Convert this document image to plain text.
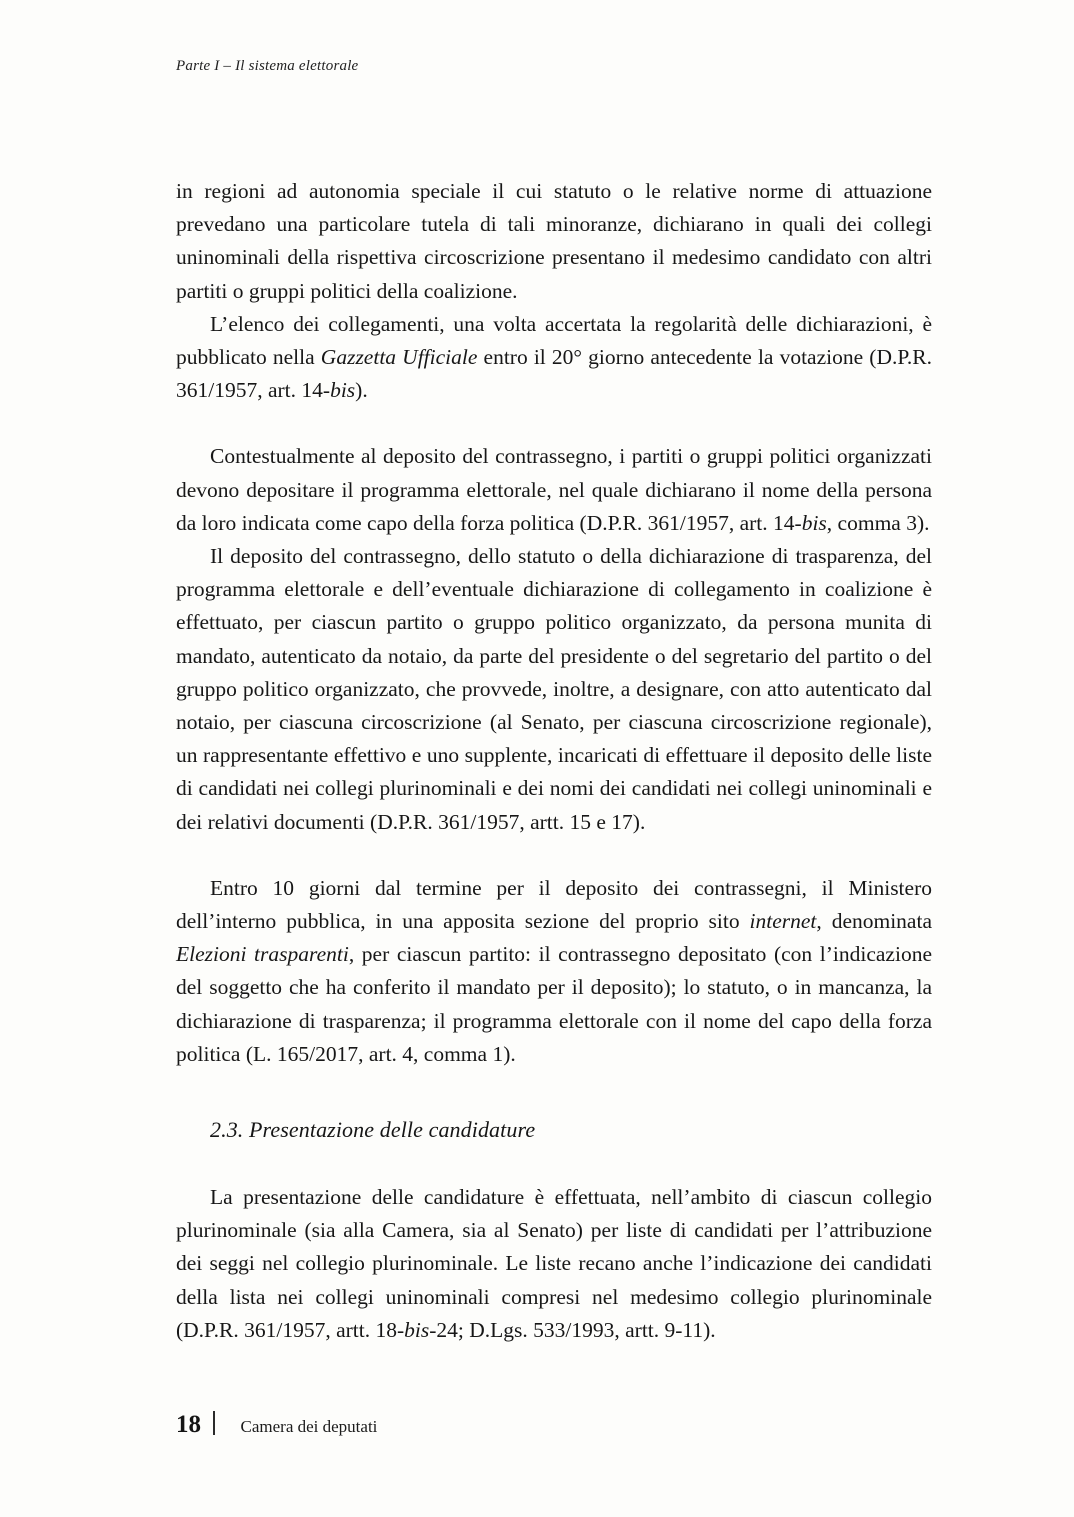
Parte I – Il sistema elettorale

in regioni ad autonomia speciale il cui statuto o le relative norme di attuazione prevedano una particolare tutela di tali minoranze, dichiarano in quali dei collegi uninominali della rispettiva circoscrizione presentano il medesimo candidato con altri partiti o gruppi politici della coalizione.

L’elenco dei collegamenti, una volta accertata la regolarità delle dichiarazioni, è pubblicato nella Gazzetta Ufficiale entro il 20° giorno antecedente la votazione (D.P.R. 361/1957, art. 14-bis).

Contestualmente al deposito del contrassegno, i partiti o gruppi politici organizzati devono depositare il programma elettorale, nel quale dichiarano il nome della persona da loro indicata come capo della forza politica (D.P.R. 361/1957, art. 14-bis, comma 3).

Il deposito del contrassegno, dello statuto o della dichiarazione di trasparenza, del programma elettorale e dell’eventuale dichiarazione di collegamento in coalizione è effettuato, per ciascun partito o gruppo politico organizzato, da persona munita di mandato, autenticato da notaio, da parte del presidente o del segretario del partito o del gruppo politico organizzato, che provvede, inoltre, a designare, con atto autenticato dal notaio, per ciascuna circoscrizione (al Senato, per ciascuna circoscrizione regionale), un rappresentante effettivo e uno supplente, incaricati di effettuare il deposito delle liste di candidati nei collegi plurinominali e dei nomi dei candidati nei collegi uninominali e dei relativi documenti (D.P.R. 361/1957, artt. 15 e 17).

Entro 10 giorni dal termine per il deposito dei contrassegni, il Ministero dell’interno pubblica, in una apposita sezione del proprio sito internet, denominata Elezioni trasparenti, per ciascun partito: il contrassegno depositato (con l’indicazione del soggetto che ha conferito il mandato per il deposito); lo statuto, o in mancanza, la dichiarazione di trasparenza; il programma elettorale con il nome del capo della forza politica (L. 165/2017, art. 4, comma 1).

2.3. Presentazione delle candidature

La presentazione delle candidature è effettuata, nell’ambito di ciascun collegio plurinominale (sia alla Camera, sia al Senato) per liste di candidati per l’attribuzione dei seggi nel collegio plurinominale. Le liste recano anche l’indicazione dei candidati della lista nei collegi uninominali compresi nel medesimo collegio plurinominale (D.P.R. 361/1957, artt. 18-bis-24; D.Lgs. 533/1993, artt. 9-11).

18	Camera dei deputati
